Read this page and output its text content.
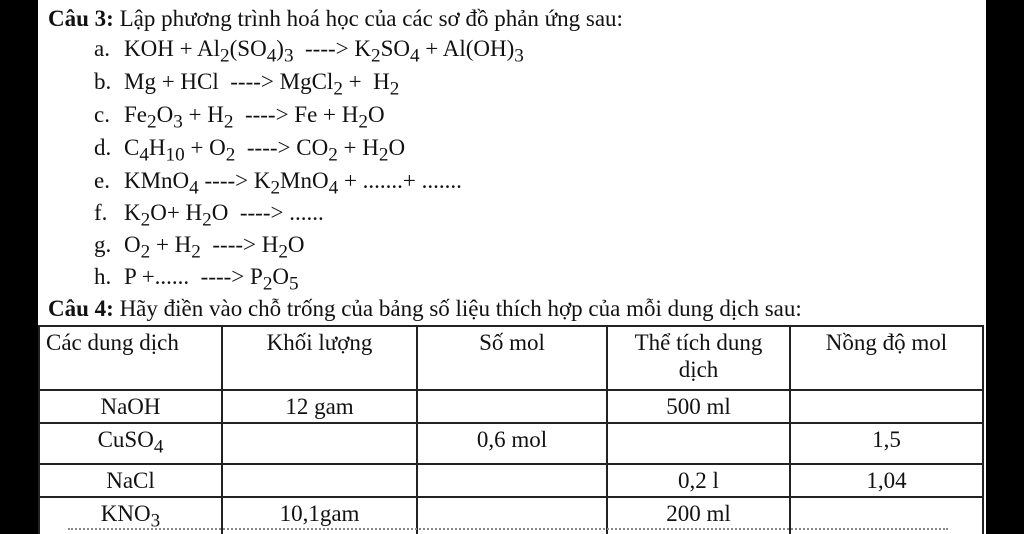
Câu 3: Lập phương trình hoá học của các sơ đồ phản ứng sau:
a. KOH + $Al_2(SO_4)_3$  ----> $K_2SO_4 + Al(OH)_3$
b. Mg + HCl  ----> MgCl$_2$ +  $H_2$
c. $Fe_2O_3 + H_2$  ----> $Fe + H_2O$
d. $C_4H_{10} + O_2$  ----> $CO_2 + H_2O$
e. KMnO$_4$ ----> $K_2MnO_4$ + .......+ .......
f. $K_2O+ H_2O$  ----> ......
g. $O_2 + H_2$  ----> $H_2O$
h. P +......  ----> $P_2O_5$
Câu 4: Hãy điền vào chỗ trống của bảng số liệu thích hợp của mỗi dung dịch sau:
Các dung dịch	Khối lượng	Số mol	Thể tích dung dịch	Nồng độ mol
NaOH	12 gam		500 ml	
CuSO$_4$		0,6 mol		1,5
NaCl			0,2 l	1,04
$KNO_3$	10,1gam		200 ml	
